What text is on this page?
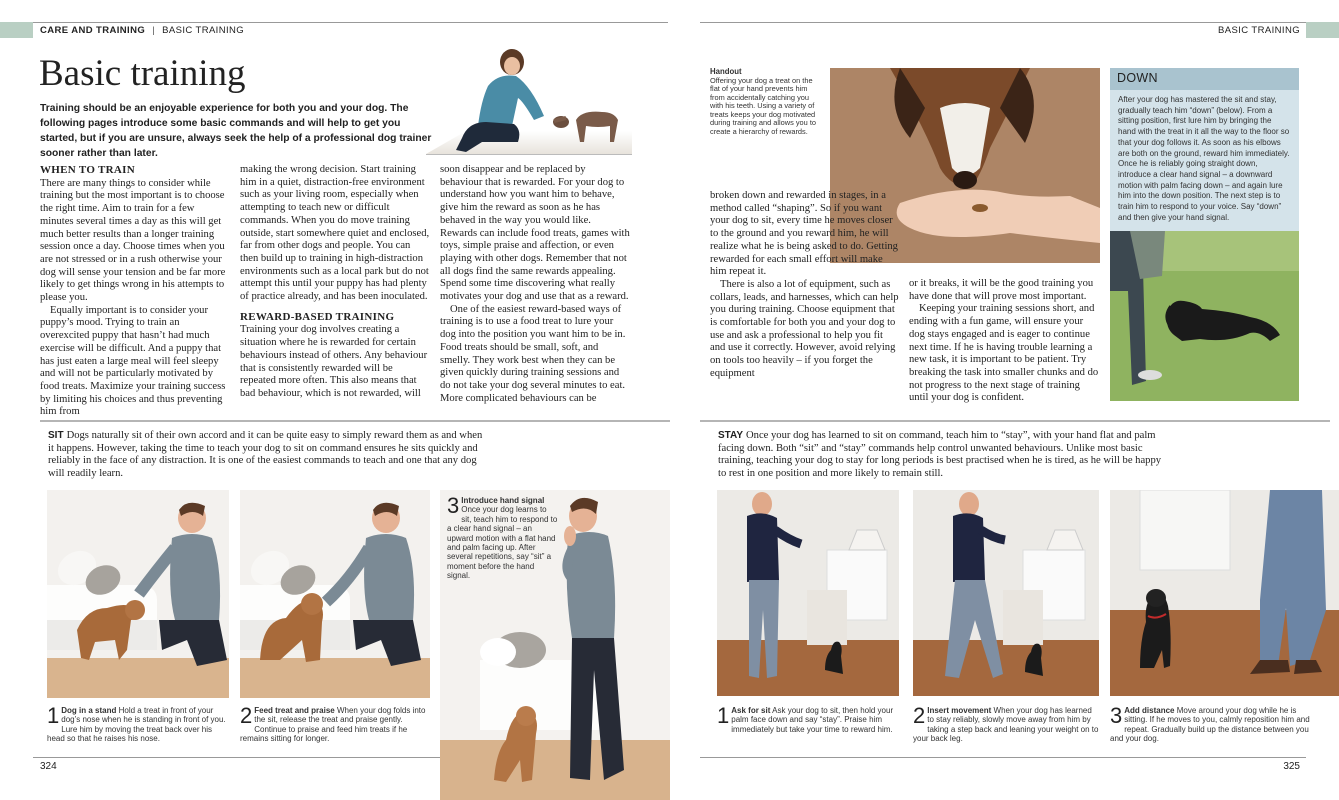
CARE AND TRAINING | BASIC TRAINING	BASIC TRAINING
Basic training
Training should be an enjoyable experience for both you and your dog. The following pages introduce some basic commands and will help to get you started, but if you are unsure, always seek the help of a professional dog trainer sooner rather than later.
WHEN TO TRAIN

There are many things to consider while training but the most important is to choose the right time. Aim to train for a few minutes several times a day as this will get much better results than a longer training session once a day. Choose times when you are not stressed or in a rush otherwise your dog will sense your tension and be far more likely to get things wrong in his attempts to please you.

Equally important is to consider your puppy’s mood. Trying to train an overexcited puppy that hasn’t had much exercise will be difficult. And a puppy that has just eaten a large meal will feel sleepy and will not be particularly motivated by food treats. Maximize your training success by limiting his choices and thus preventing him from

making the wrong decision. Start training him in a quiet, distraction-free environment such as your living room, especially when attempting to teach new or difficult commands. When you do move training outside, start somewhere quiet and enclosed, far from other dogs and people. You can then build up to training in high-distraction environments such as a local park but do not attempt this until your puppy has had plenty of practice already, and has been inoculated.

REWARD-BASED TRAINING

Training your dog involves creating a situation where he is rewarded for certain behaviours instead of others. Any behaviour that is consistently rewarded will be repeated more often. This also means that bad behaviour, which is not rewarded, will

soon disappear and be replaced by behaviour that is rewarded. For your dog to understand how you want him to behave, give him the reward as soon as he has behaved in the way you would like. Rewards can include food treats, games with toys, simple praise and affection, or even playing with other dogs. Remember that not all dogs find the same rewards appealing. Spend some time discovering what really motivates your dog and use that as a reward.

One of the easiest reward-based ways of training is to use a food treat to lure your dog into the position you want him to be in. Food treats should be small, soft, and smelly. They work best when they can be given quickly during training sessions and do not take your dog several minutes to eat. More complicated behaviours can be

Handout
Offering your dog a treat on the flat of your hand prevents him from accidentally catching you with his teeth. Using a variety of treats keeps your dog motivated during training and allows you to create a hierarchy of rewards.

broken down and rewarded in stages, in a method called “shaping”. So if you want your dog to sit, every time he moves closer to the ground and you reward him, he will realize what he is being asked to do. Getting rewarded for each small effort will make him repeat it.

There is also a lot of equipment, such as collars, leads, and harnesses, which can help you during training. Choose equipment that is comfortable for both you and your dog to use and ask a professional to help you fit and use it correctly. However, avoid relying on tools too heavily – if you forget the equipment

or it breaks, it will be the good training you have done that will prove most important.

Keeping your training sessions short, and ending with a fun game, will ensure your dog stays engaged and is eager to continue next time. If he is having trouble learning a new task, it is important to be patient. Try breaking the task into smaller chunks and do not progress to the next stage of training until your dog is confident.

DOWN
After your dog has mastered the sit and stay, gradually teach him “down” (below). From a sitting position, first lure him by bringing the hand with the treat in it all the way to the floor so that your dog follows it. As soon as his elbows are both on the ground, reward him immediately. Once he is reliably going straight down, introduce a clear hand signal – a downward motion with palm facing down – and again lure him into the down position. The next step is to train him to respond to your voice. Say “down” and then give your hand signal.
SIT Dogs naturally sit of their own accord and it can be quite easy to simply reward them as and when it happens. However, taking the time to teach your dog to sit on command ensures he sits quickly and reliably in the face of any distraction. It is one of the easiest commands to teach and one that any dog will readily learn.
3 Introduce hand signal Once your dog learns to sit, teach him to respond to a clear hand signal – an upward motion with a flat hand and palm facing up. After several repetitions, say “sit” a moment before the hand signal.
1 Dog in a stand Hold a treat in front of your dog’s nose when he is standing in front of you. Lure him by moving the treat back over his head so that he raises his nose.
2 Feed treat and praise When your dog folds into the sit, release the treat and praise gently. Continue to praise and feed him treats if he remains sitting for longer.
STAY Once your dog has learned to sit on command, teach him to “stay”, with your hand flat and palm facing down. Both “sit” and “stay” commands help control unwanted behaviours. Unlike most basic training, teaching your dog to stay for long periods is best practised when he is tired, as he will be happy to rest in one position and more likely to remain still.
1 Ask for sit Ask your dog to sit, then hold your palm face down and say “stay”. Praise him immediately but take your time to reward him.
2 Insert movement When your dog has learned to stay reliably, slowly move away from him by taking a step back and leaning your weight on to your back leg.
3 Add distance Move around your dog while he is sitting. If he moves to you, calmly reposition him and repeat. Gradually build up the distance between you and your dog.
324	325
